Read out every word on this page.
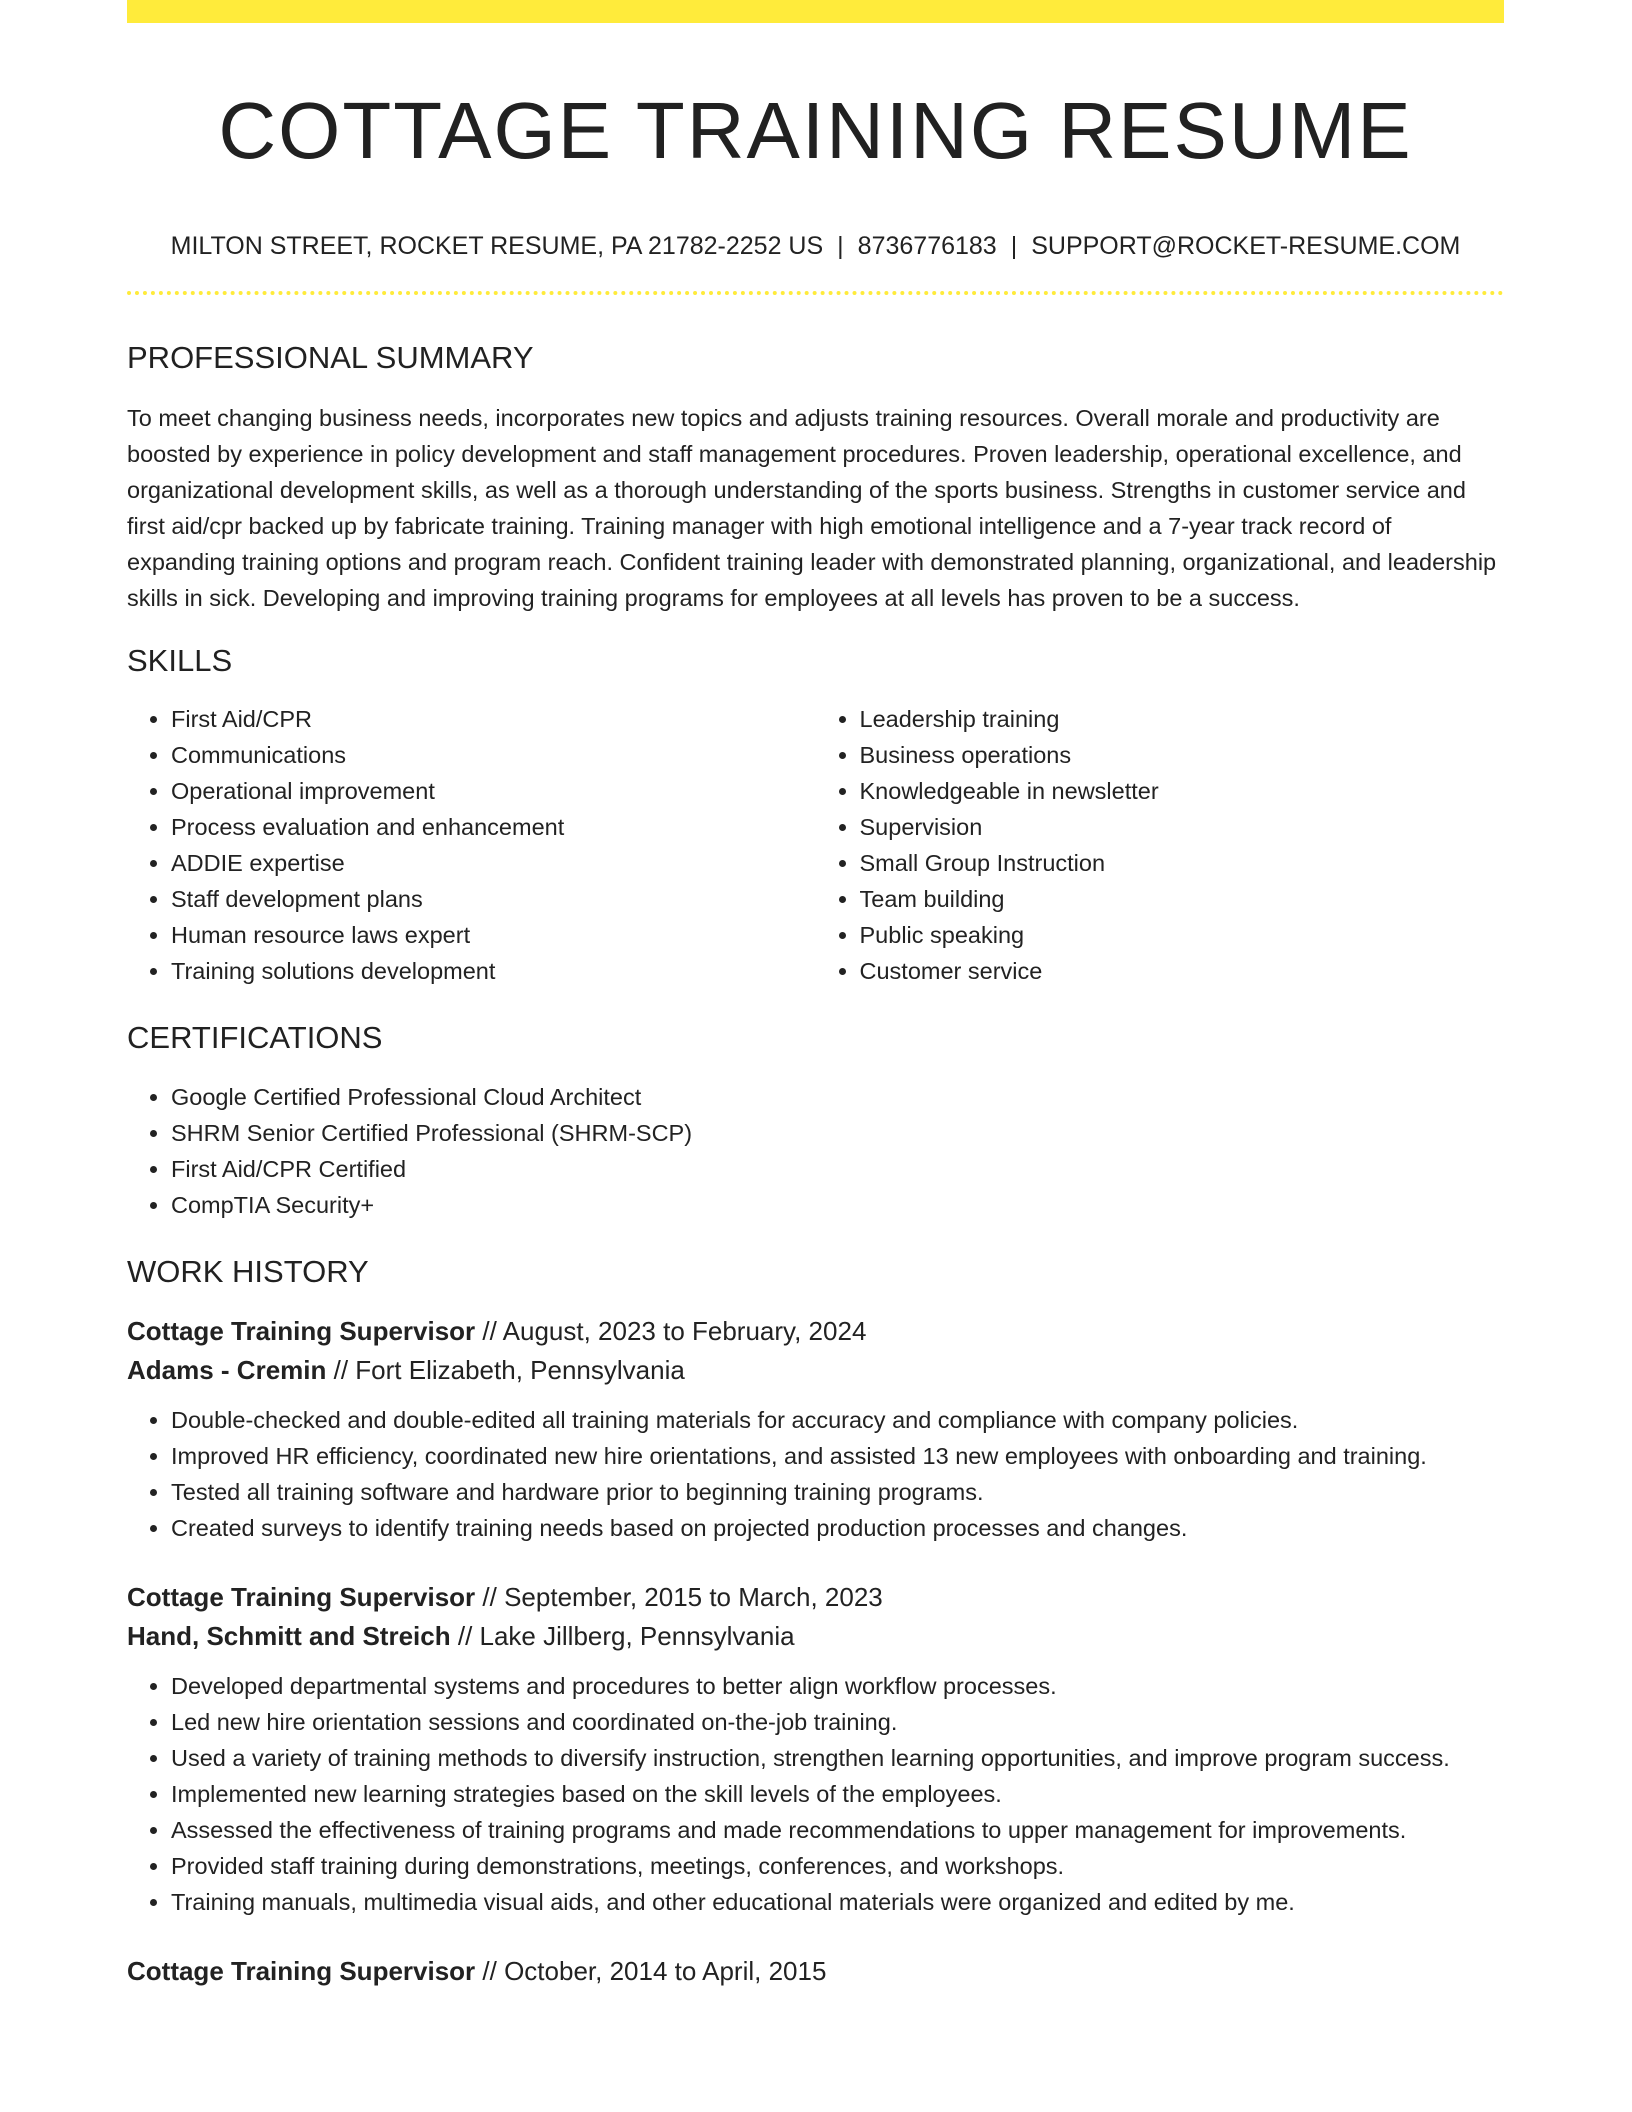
COTTAGE TRAINING RESUME
MILTON STREET, ROCKET RESUME, PA 21782-2252 US | 8736776183 | SUPPORT@ROCKET-RESUME.COM
PROFESSIONAL SUMMARY

To meet changing business needs, incorporates new topics and adjusts training resources. Overall morale and productivity are boosted by experience in policy development and staff management procedures. Proven leadership, operational excellence, and organizational development skills, as well as a thorough understanding of the sports business. Strengths in customer service and first aid/cpr backed up by fabricate training. Training manager with high emotional intelligence and a 7-year track record of expanding training options and program reach. Confident training leader with demonstrated planning, organizational, and leadership skills in sick. Developing and improving training programs for employees at all levels has proven to be a success.

SKILLS
• First Aid/CPR
• Communications
• Operational improvement
• Process evaluation and enhancement
• ADDIE expertise
• Staff development plans
• Human resource laws expert
• Training solutions development
• Leadership training
• Business operations
• Knowledgeable in newsletter
• Supervision
• Small Group Instruction
• Team building
• Public speaking
• Customer service
CERTIFICATIONS
• Google Certified Professional Cloud Architect
• SHRM Senior Certified Professional (SHRM-SCP)
• First Aid/CPR Certified
• CompTIA Security+
WORK HISTORY
Cottage Training Supervisor // August, 2023 to February, 2024
Adams - Cremin // Fort Elizabeth, Pennsylvania
• Double-checked and double-edited all training materials for accuracy and compliance with company policies.
• Improved HR efficiency, coordinated new hire orientations, and assisted 13 new employees with onboarding and training.
• Tested all training software and hardware prior to beginning training programs.
• Created surveys to identify training needs based on projected production processes and changes.
Cottage Training Supervisor // September, 2015 to March, 2023
Hand, Schmitt and Streich // Lake Jillberg, Pennsylvania
• Developed departmental systems and procedures to better align workflow processes.
• Led new hire orientation sessions and coordinated on-the-job training.
• Used a variety of training methods to diversify instruction, strengthen learning opportunities, and improve program success.
• Implemented new learning strategies based on the skill levels of the employees.
• Assessed the effectiveness of training programs and made recommendations to upper management for improvements.
• Provided staff training during demonstrations, meetings, conferences, and workshops.
• Training manuals, multimedia visual aids, and other educational materials were organized and edited by me.
Cottage Training Supervisor // October, 2014 to April, 2015
